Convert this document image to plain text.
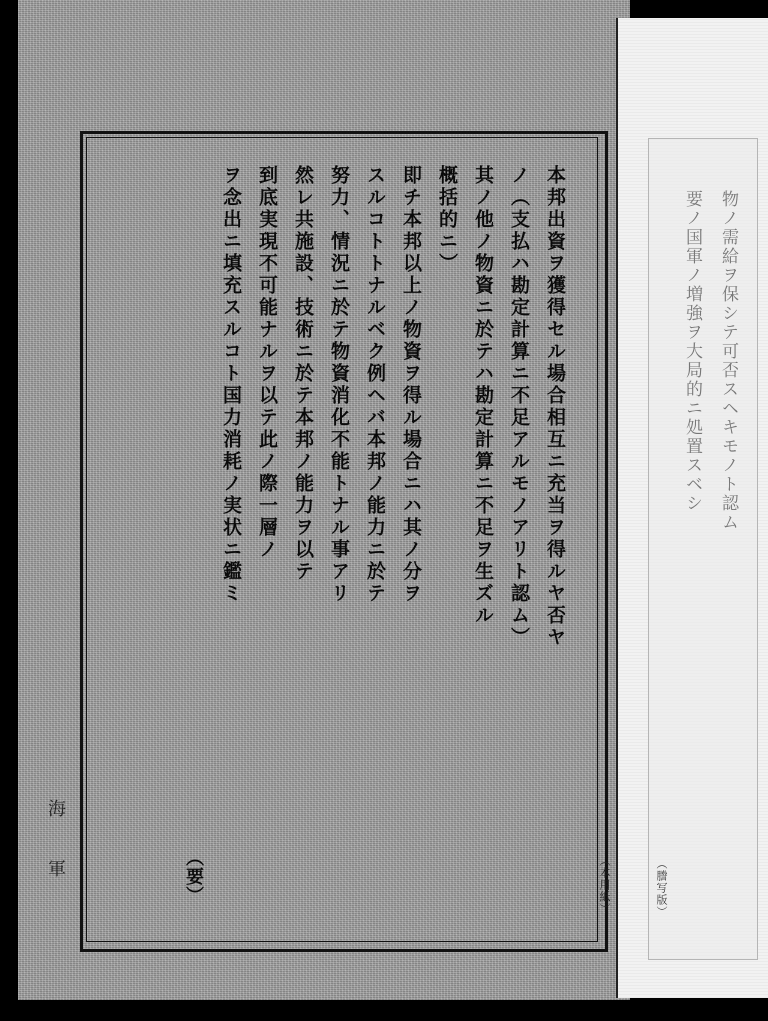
物ノ需給ヲ保シテ可否スヘキモノト認ム
要ノ国軍ノ増強ヲ大局的ニ処置スベシ
（謄写版）
本邦出資ヲ獲得セル場合相互ニ充当ヲ得ルヤ否ヤ
ノ（支払ハ勘定計算ニ不足アルモノアリト認ム）
其ノ他ノ物資ニ於テハ勘定計算ニ不足ヲ生ズル
概括的ニ）
即チ本邦以上ノ物資ヲ得ル場合ニハ其ノ分ヲ
スルコトトナルベク例ヘバ本邦ノ能力ニ於テ
努力、情況ニ於テ物資消化不能トナル事アリ
然レ共施設、技術ニ於テ本邦ノ能力ヲ以テ
到底実現不可能ナルヲ以テ此ノ際一層ノ
ヲ念出ニ填充スルコト国力消耗ノ実状ニ鑑ミ
（要）	（本用紙）
海
軍
